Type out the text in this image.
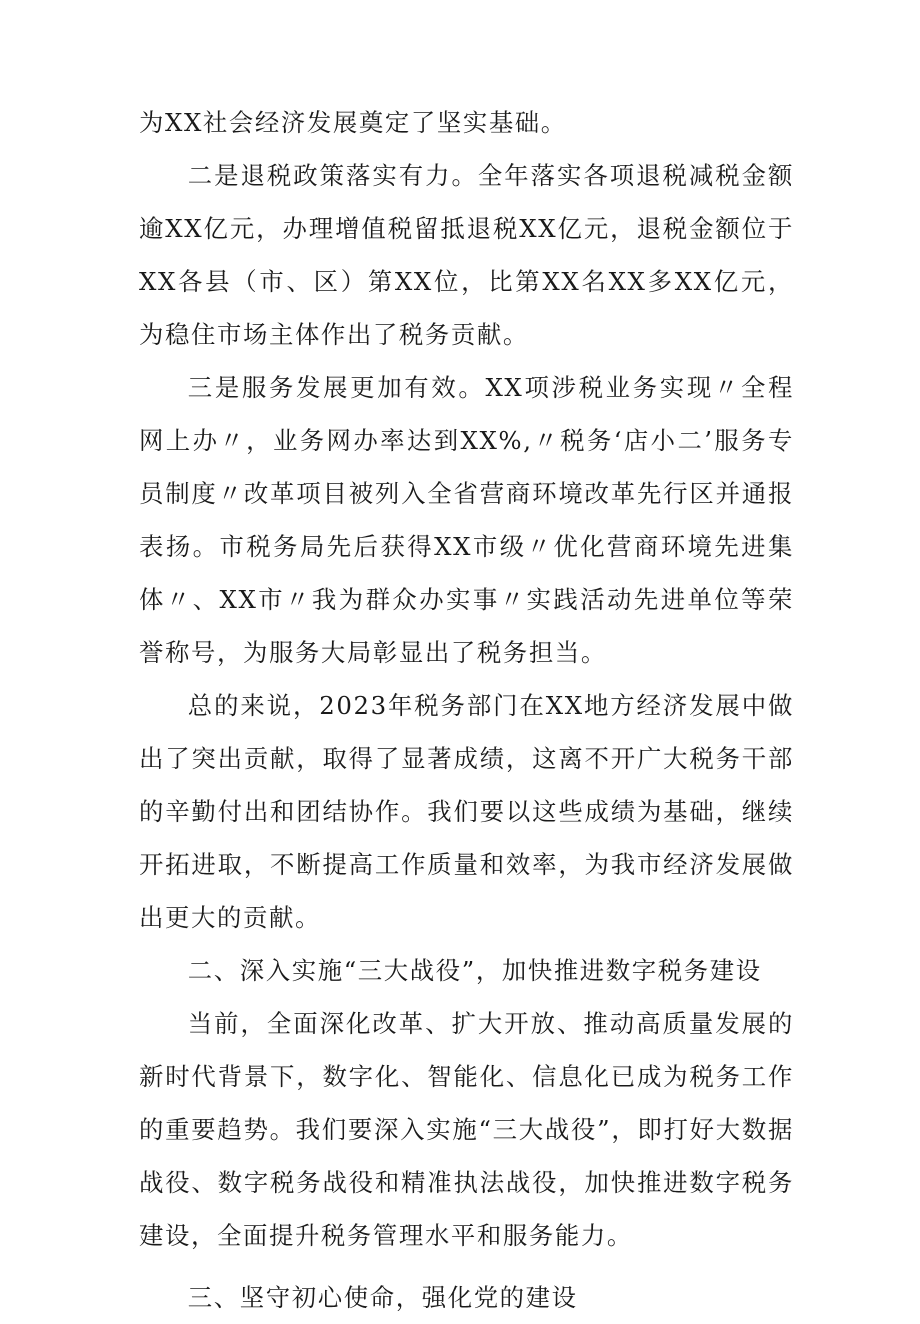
为XX社会经济发展奠定了坚实基础。

二是退税政策落实有力。全年落实各项退税减税金额逾XX亿元，办理增值税留抵退税XX亿元，退税金额位于XX各县（市、区）第XX位，比第XX名XX多XX亿元，为稳住市场主体作出了税务贡献。

三是服务发展更加有效。XX项涉税业务实现〃全程网上办〃，业务网办率达到XX%,〃税务‘店小二’服务专员制度〃改革项目被列入全省营商环境改革先行区并通报表扬。市税务局先后获得XX市级〃优化营商环境先进集体〃、XX市〃我为群众办实事〃实践活动先进单位等荣誉称号，为服务大局彰显出了税务担当。

总的来说，2023年税务部门在XX地方经济发展中做出了突出贡献，取得了显著成绩，这离不开广大税务干部的辛勤付出和团结协作。我们要以这些成绩为基础，继续开拓进取，不断提高工作质量和效率，为我市经济发展做出更大的贡献。

二、深入实施“三大战役”，加快推进数字税务建设

当前，全面深化改革、扩大开放、推动高质量发展的新时代背景下，数字化、智能化、信息化已成为税务工作的重要趋势。我们要深入实施“三大战役”，即打好大数据战役、数字税务战役和精准执法战役，加快推进数字税务建设，全面提升税务管理水平和服务能力。

三、坚守初心使命，强化党的建设
